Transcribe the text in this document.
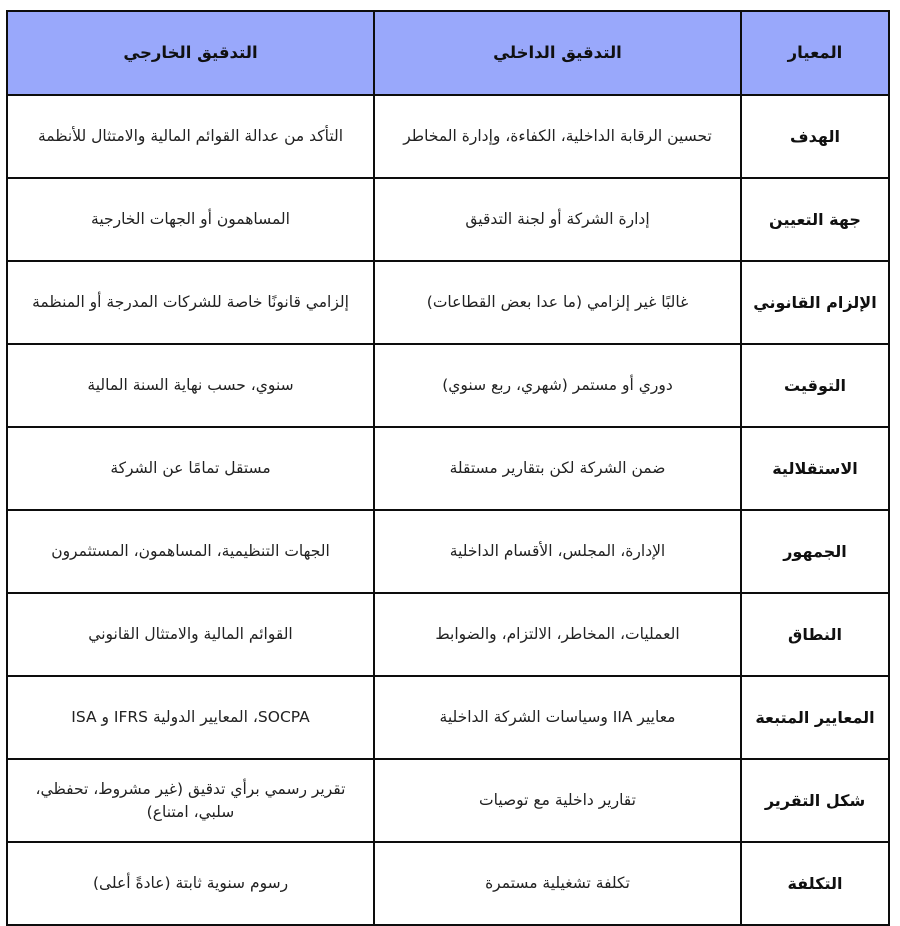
المعيار	التدقيق الداخلي	التدقيق الخارجي
الهدف	تحسين الرقابة الداخلية، الكفاءة، وإدارة المخاطر	التأكد من عدالة القوائم المالية والامتثال للأنظمة
جهة التعيين	إدارة الشركة أو لجنة التدقيق	المساهمون أو الجهات الخارجية
الإلزام القانوني	غالبًا غير إلزامي (ما عدا بعض القطاعات)	إلزامي قانونًا خاصة للشركات المدرجة أو المنظمة
التوقيت	دوري أو مستمر (شهري، ربع سنوي)	سنوي، حسب نهاية السنة المالية
الاستقلالية	ضمن الشركة لكن بتقارير مستقلة	مستقل تمامًا عن الشركة
الجمهور	الإدارة، المجلس، الأقسام الداخلية	الجهات التنظيمية، المساهمون، المستثمرون
النطاق	العمليات، المخاطر، الالتزام، والضوابط	القوائم المالية والامتثال القانوني
المعايير المتبعة	معايير IIA وسياسات الشركة الداخلية	SOCPA، المعايير الدولية IFRS و ISA
شكل التقرير	تقارير داخلية مع توصيات	تقرير رسمي برأي تدقيق (غير مشروط، تحفظي، سلبي، امتناع)
التكلفة	تكلفة تشغيلية مستمرة	رسوم سنوية ثابتة (عادةً أعلى)
